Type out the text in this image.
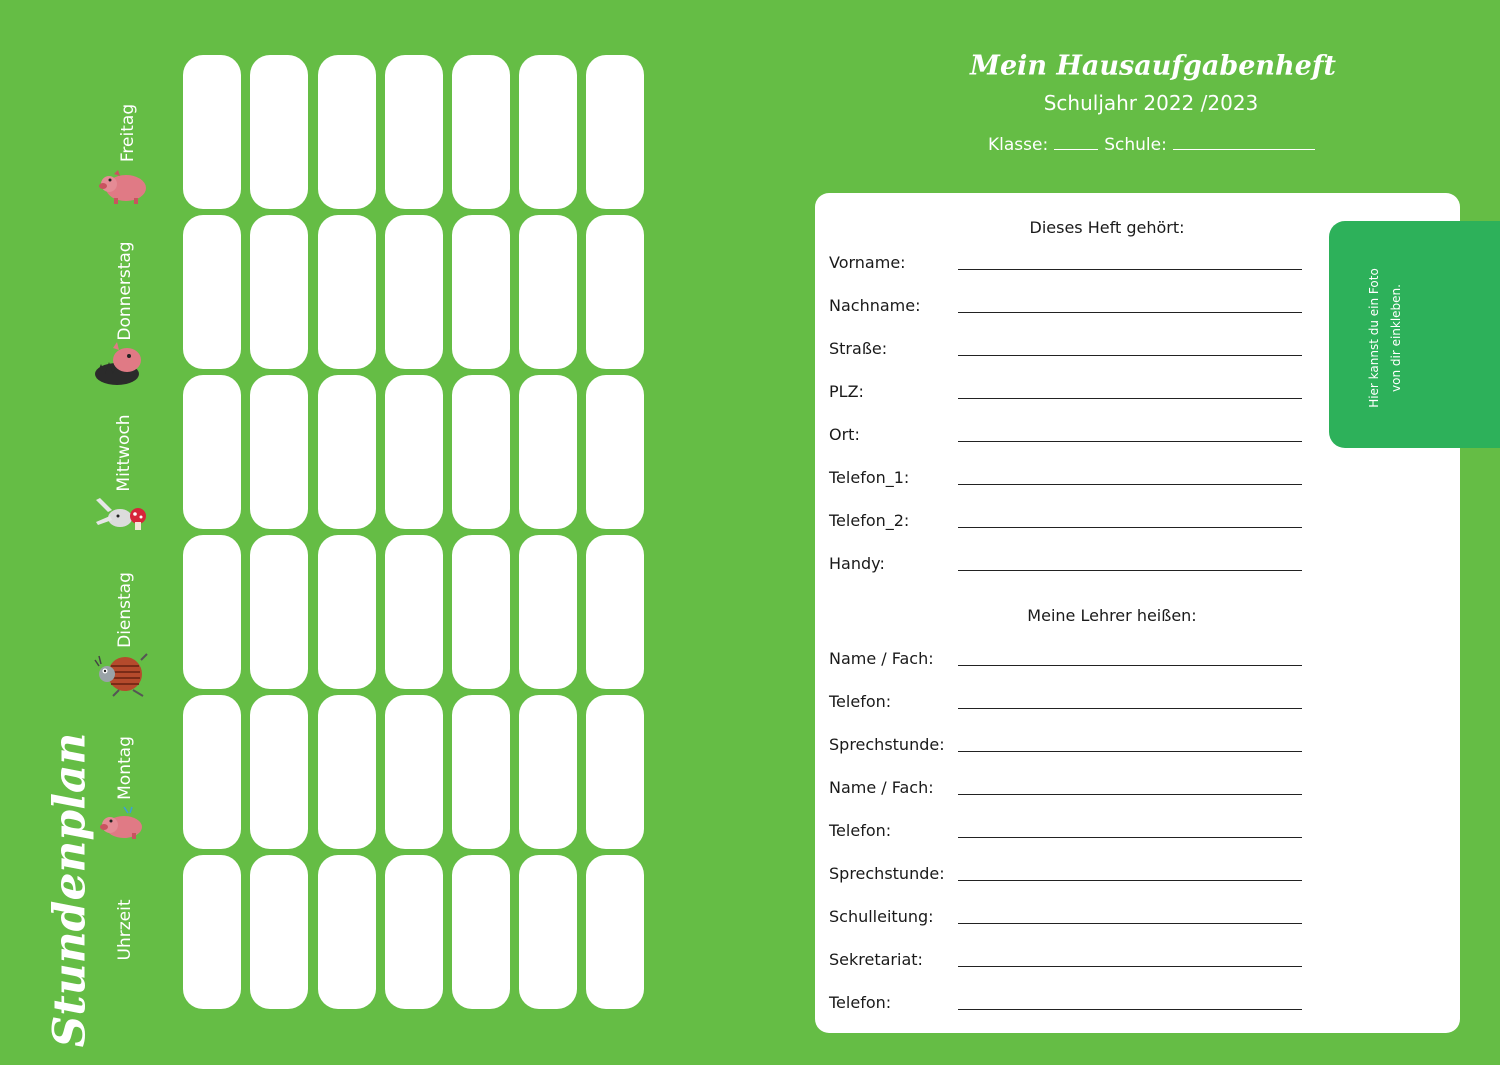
Stundenplan Uhrzeit
Freitag
Donnerstag
Mittwoch
Dienstag
Montag
Mein Hausaufgabenheft
Schuljahr 2022 /2023
Klasse:	Schule:
Hier kannst du ein Foto von dir einkleben.
Dieses Heft gehört:
Meine Lehrer heißen:
Vorname:
Nachname:
Straße:
PLZ:
Ort:
Telefon_1:
Telefon_2:
Handy:
Name / Fach:
Telefon:
Sprechstunde:
Name / Fach:
Telefon:
Sprechstunde:
Schulleitung:
Sekretariat:
Telefon:
